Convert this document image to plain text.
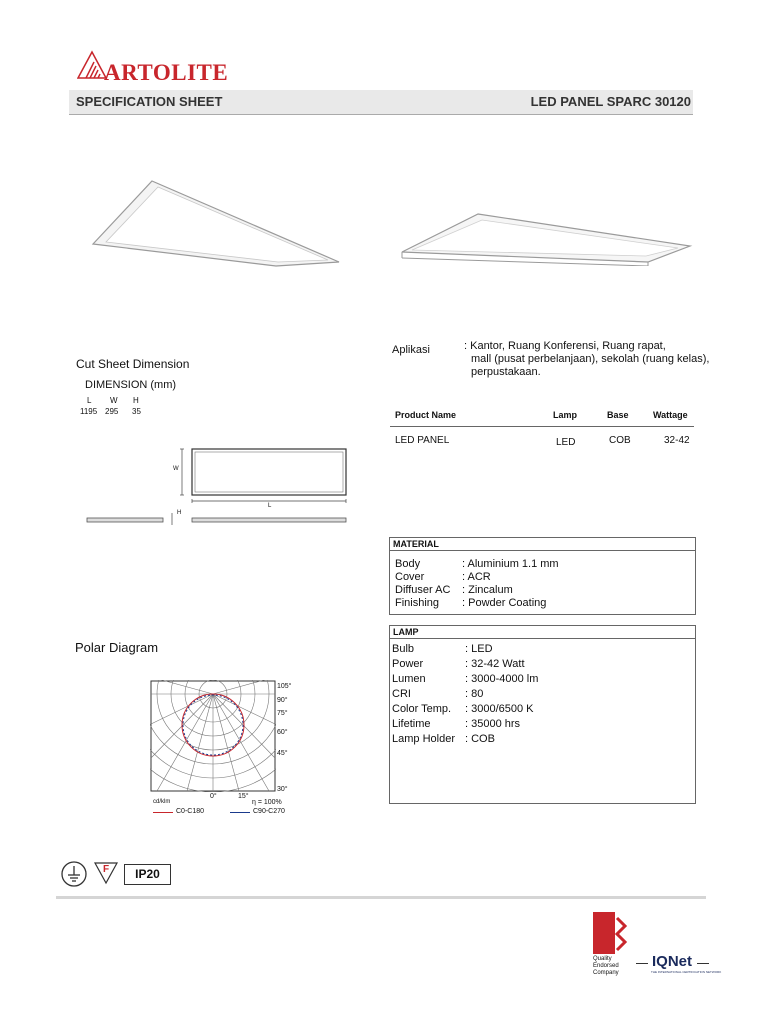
ARTOLITE
SPECIFICATION SHEET	LED PANEL SPARC 30120
Aplikasi	: Kantor, Ruang Konferensi, Ruang rapat,
mall (pusat perbelanjaan), sekolah (ruang kelas),
perpustakaan.
Cut Sheet Dimension
DIMENSION (mm)
L W H
1195 295 35
W
L
H
Product Name	Lamp	Base	Wattage
LED PANEL	LED	COB	32-42
MATERIAL
Body	: Aluminium 1.1 mm
Cover	: ACR
Diffuser AC : Zincalum
Finishing : Powder Coating
LAMP
Bulb	: LED
Power	: 32-42 Watt
Lumen	: 3000-4000 lm
CRI	: 80
Color Temp. : 3000/6500 K
Lifetime	: 35000 hrs
Lamp Holder : COB
Polar Diagram
105°
90°
75°
60°
45°
30°
0°	15°
cd/klm	η = 100%
C0-C180	C90-C270
F	IP20
Quality
Endorsed
Company
IQNet
THE INTERNATIONAL CERTIFICATION NETWORK
